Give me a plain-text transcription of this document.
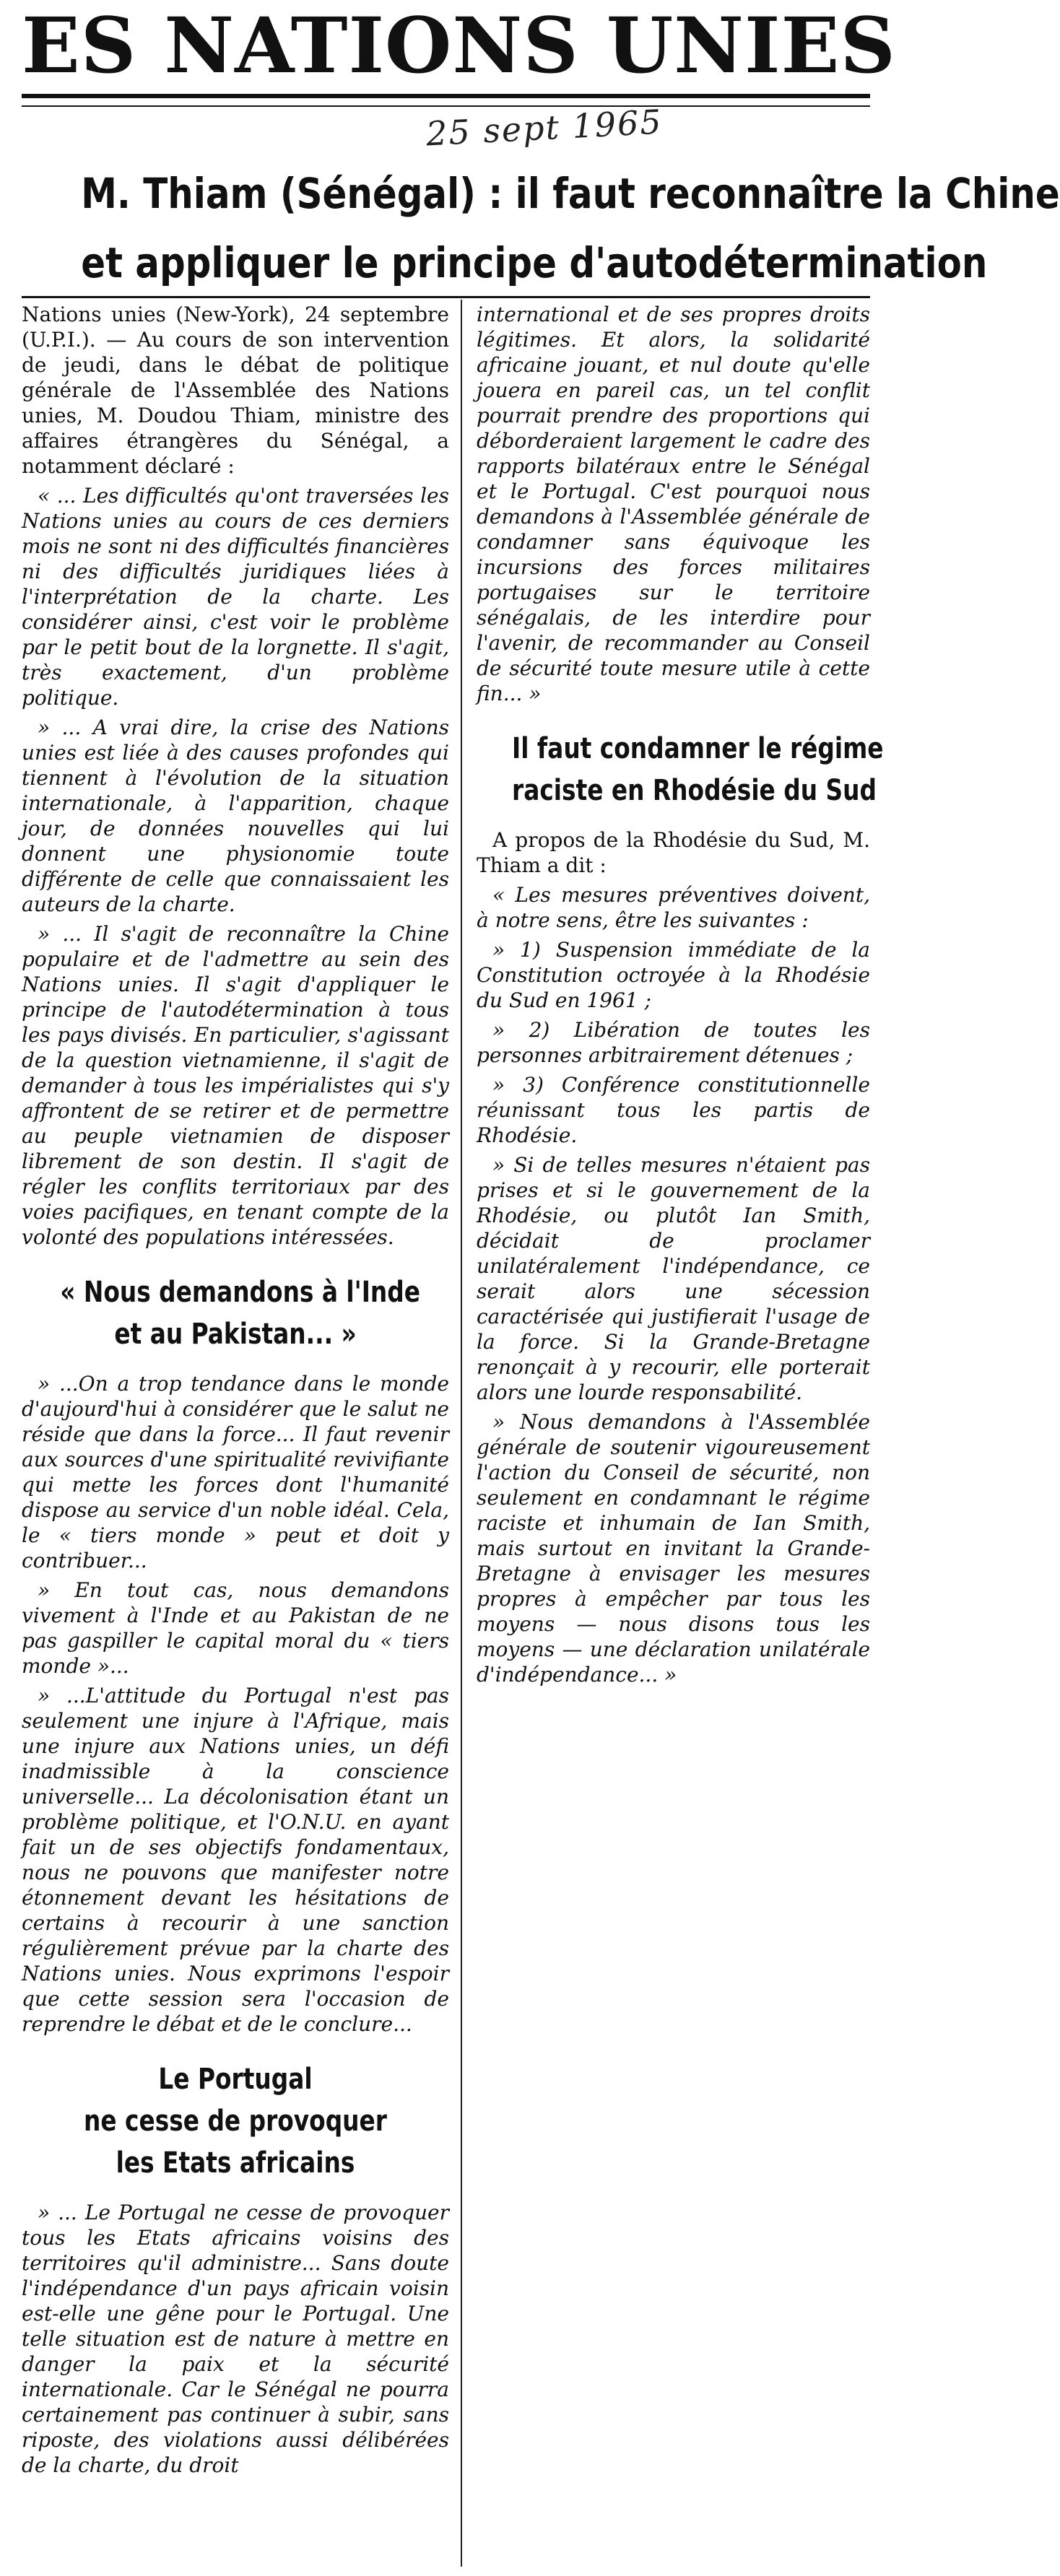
ES NATIONS UNIES
25 sept 1965
M. Thiam (Sénégal) : il faut reconnaître la Chine
et appliquer le principe d'autodétermination

Nations unies (New-York), 24 septembre (U.P.I.). — Au cours de son intervention de jeudi, dans le débat de politique générale de l'Assemblée des Nations unies, M. Doudou Thiam, ministre des affaires étrangères du Sénégal, a notamment déclaré :

« ... Les difficultés qu'ont traversées les Nations unies au cours de ces derniers mois ne sont ni des difficultés financières ni des difficultés juridiques liées à l'interprétation de la charte. Les considérer ainsi, c'est voir le problème par le petit bout de la lorgnette. Il s'agit, très exactement, d'un problème politique.

» ... A vrai dire, la crise des Nations unies est liée à des causes profondes qui tiennent à l'évolution de la situation internationale, à l'apparition, chaque jour, de données nouvelles qui lui donnent une physionomie toute différente de celle que connaissaient les auteurs de la charte.

» ... Il s'agit de reconnaître la Chine populaire et de l'admettre au sein des Nations unies. Il s'agit d'appliquer le principe de l'autodétermination à tous les pays divisés. En particulier, s'agissant de la question vietnamienne, il s'agit de demander à tous les impérialistes qui s'y affrontent de se retirer et de permettre au peuple vietnamien de disposer librement de son destin. Il s'agit de régler les conflits territoriaux par des voies pacifiques, en tenant compte de la volonté des populations intéressées.

« Nous demandons à l'Inde
et au Pakistan... »

» ...On a trop tendance dans le monde d'aujourd'hui à considérer que le salut ne réside que dans la force... Il faut revenir aux sources d'une spiritualité revivifiante qui mette les forces dont l'humanité dispose au service d'un noble idéal. Cela, le « tiers monde » peut et doit y contribuer...

» En tout cas, nous demandons vivement à l'Inde et au Pakistan de ne pas gaspiller le capital moral du « tiers monde »...

» ...L'attitude du Portugal n'est pas seulement une injure à l'Afrique, mais une injure aux Nations unies, un défi inadmissible à la conscience universelle... La décolonisation étant un problème politique, et l'O.N.U. en ayant fait un de ses objectifs fondamentaux, nous ne pouvons que manifester notre étonnement devant les hésitations de certains à recourir à une sanction régulièrement prévue par la charte des Nations unies. Nous exprimons l'espoir que cette session sera l'occasion de reprendre le débat et de le conclure...

Le Portugal
ne cesse de provoquer
les Etats africains

» ... Le Portugal ne cesse de provoquer tous les Etats africains voisins des territoires qu'il administre... Sans doute l'indépendance d'un pays africain voisin est-elle une gêne pour le Portugal. Une telle situation est de nature à mettre en danger la paix et la sécurité internationale. Car le Sénégal ne pourra certainement pas continuer à subir, sans riposte, des violations aussi délibérées de la charte, du droit

international et de ses propres droits légitimes. Et alors, la solidarité africaine jouant, et nul doute qu'elle jouera en pareil cas, un tel conflit pourrait prendre des proportions qui déborderaient largement le cadre des rapports bilatéraux entre le Sénégal et le Portugal. C'est pourquoi nous demandons à l'Assemblée générale de condamner sans équivoque les incursions des forces militaires portugaises sur le territoire sénégalais, de les interdire pour l'avenir, de recommander au Conseil de sécurité toute mesure utile à cette fin... »

Il faut condamner le régime
raciste en Rhodésie du Sud

A propos de la Rhodésie du Sud, M. Thiam a dit :

« Les mesures préventives doivent, à notre sens, être les suivantes :

» 1) Suspension immédiate de la Constitution octroyée à la Rhodésie du Sud en 1961 ;

» 2) Libération de toutes les personnes arbitrairement détenues ;

» 3) Conférence constitutionnelle réunissant tous les partis de Rhodésie.

» Si de telles mesures n'étaient pas prises et si le gouvernement de la Rhodésie, ou plutôt Ian Smith, décidait de proclamer unilatéralement l'indépendance, ce serait alors une sécession caractérisée qui justifierait l'usage de la force. Si la Grande-Bretagne renonçait à y recourir, elle porterait alors une lourde responsabilité.

» Nous demandons à l'Assemblée générale de soutenir vigoureusement l'action du Conseil de sécurité, non seulement en condamnant le régime raciste et inhumain de Ian Smith, mais surtout en invitant la Grande-Bretagne à envisager les mesures propres à empêcher par tous les moyens — nous disons tous les moyens — une déclaration unilatérale d'indépendance... »
